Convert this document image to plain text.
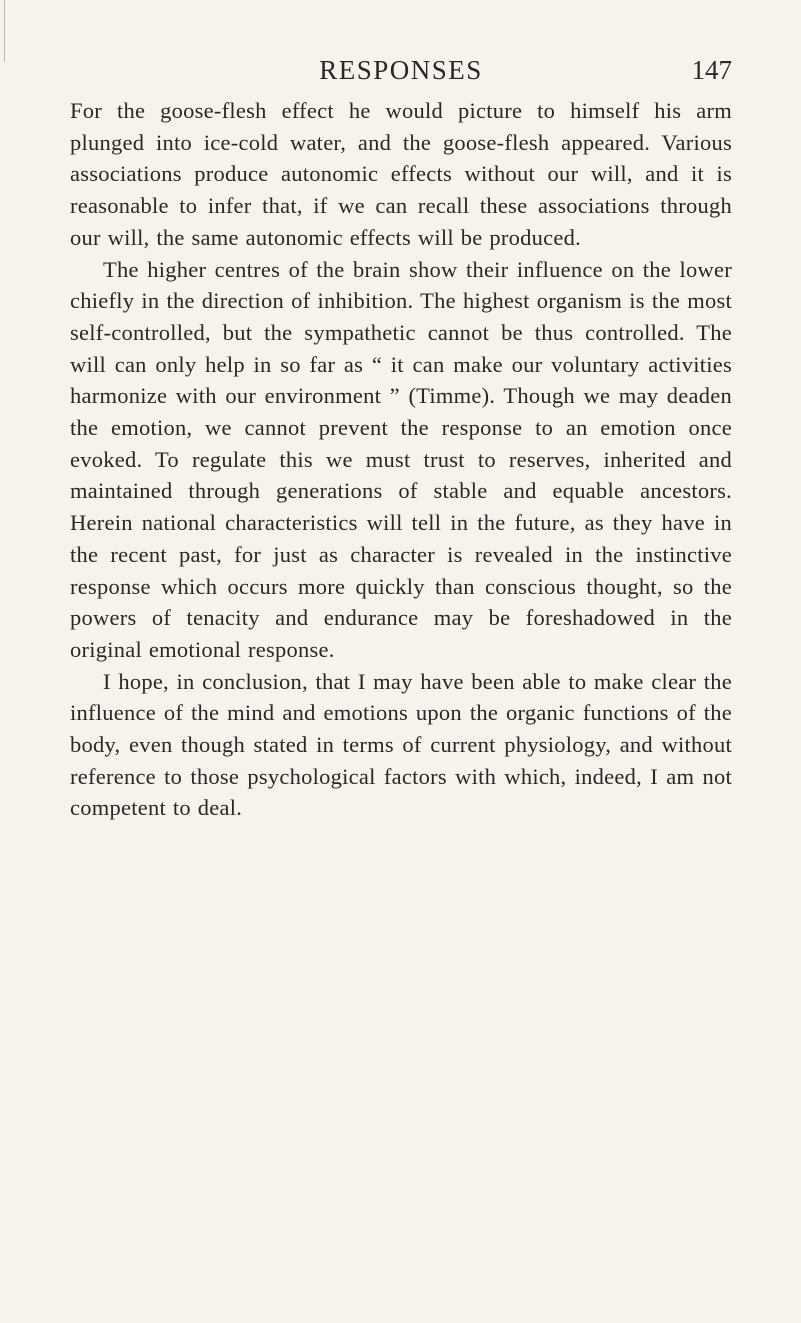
RESPONSES	147

For the goose-flesh effect he would picture to himself his arm plunged into ice-cold water, and the goose-flesh appeared. Various associations produce autonomic effects without our will, and it is reasonable to infer that, if we can recall these associations through our will, the same autonomic effects will be produced.

The higher centres of the brain show their influence on the lower chiefly in the direction of inhibition. The highest organism is the most self-controlled, but the sympathetic cannot be thus controlled. The will can only help in so far as “ it can make our voluntary activities harmonize with our environment ” (Timme). Though we may deaden the emotion, we cannot prevent the response to an emotion once evoked. To regulate this we must trust to reserves, inherited and maintained through generations of stable and equable ancestors. Herein national characteristics will tell in the future, as they have in the recent past, for just as character is revealed in the instinctive response which occurs more quickly than conscious thought, so the powers of tenacity and endurance may be foreshadowed in the original emotional response.

I hope, in conclusion, that I may have been able to make clear the influence of the mind and emotions upon the organic functions of the body, even though stated in terms of current physiology, and without reference to those psychological factors with which, indeed, I am not competent to deal.
